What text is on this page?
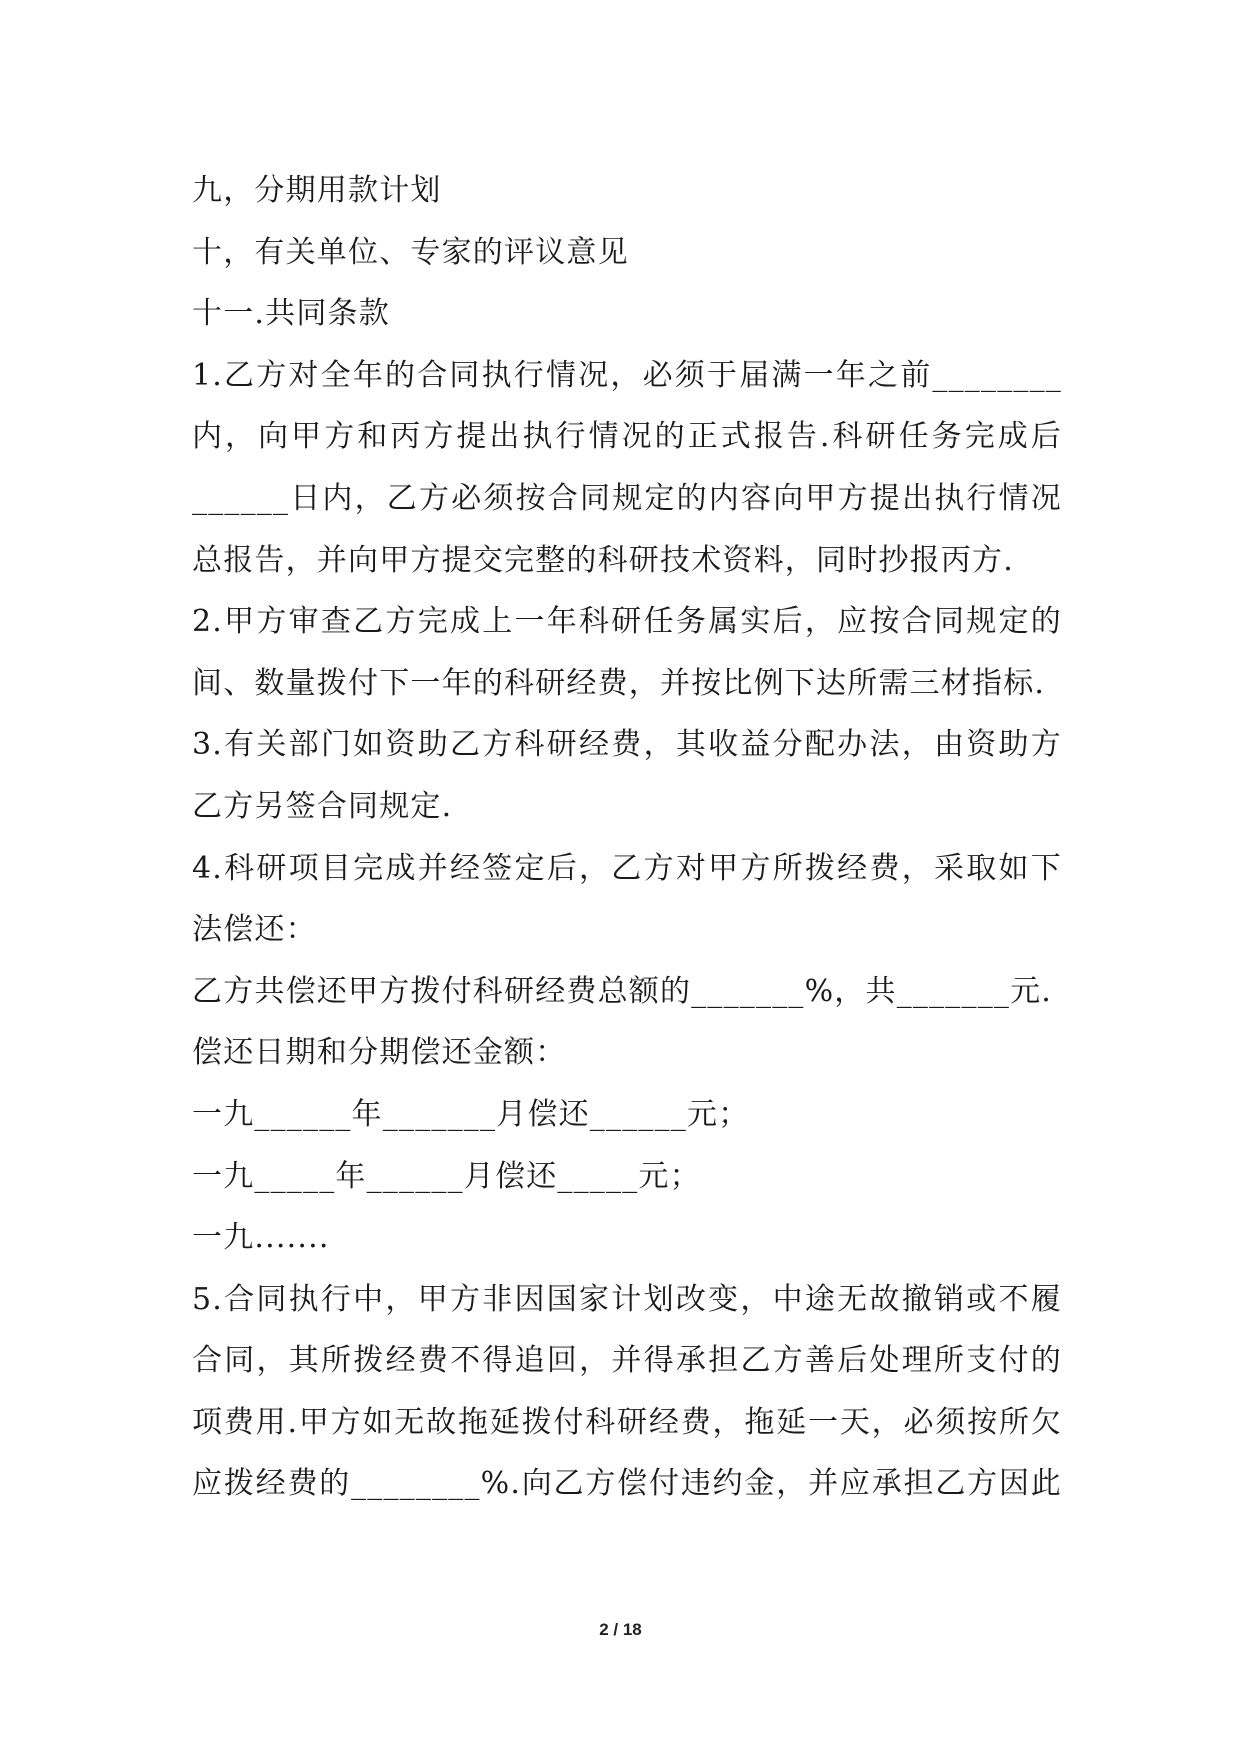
九，分期用款计划
十，有关单位、专家的评议意见
十一.共同条款
1.乙方对全年的合同执行情况，必须于届满一年之前________
内，向甲方和丙方提出执行情况的正式报告.科研任务完成后
______日内，乙方必须按合同规定的内容向甲方提出执行情况
总报告，并向甲方提交完整的科研技术资料，同时抄报丙方.
2.甲方审查乙方完成上一年科研任务属实后，应按合同规定的
间、数量拨付下一年的科研经费，并按比例下达所需三材指标.
3.有关部门如资助乙方科研经费，其收益分配办法，由资助方
乙方另签合同规定.
4.科研项目完成并经签定后，乙方对甲方所拨经费，采取如下
法偿还：
乙方共偿还甲方拨付科研经费总额的_______%，共_______元.
偿还日期和分期偿还金额：
一九______年_______月偿还______元；
一九_____年______月偿还_____元；
一九.......
5.合同执行中，甲方非因国家计划改变，中途无故撤销或不履
合同，其所拨经费不得追回，并得承担乙方善后处理所支付的
项费用.甲方如无故拖延拨付科研经费，拖延一天，必须按所欠
应拨经费的________%.向乙方偿付违约金，并应承担乙方因此
2 / 18
